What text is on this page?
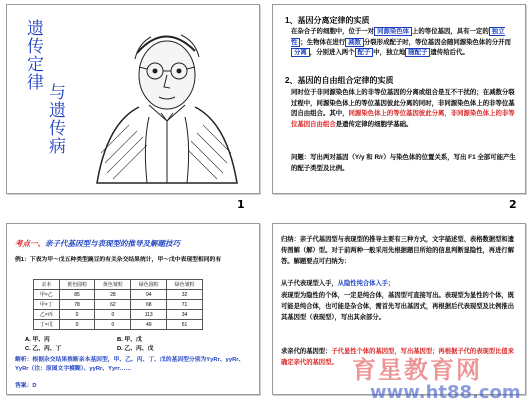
遗传定律
与遗传病
1
1、基因分离定律的实质
在杂合子的细胞中，位于一对 同源染色体 上的等位基因，具有一定的 独立性 ；生物体在进行 减数 分裂形成配子时，等位基因会随同源染色体的分开而分离 ，分别进入两个 配子 中，独立地 随配子 遗传给后代。
2、基因的自由组合定律的实质
同时位于非同源染色体上的非等位基因的分离或组合是互不干扰的；在减数分裂过程中，同源染色体上的等位基因彼此分离的同时，非同源染色体上的非等位基因自由组合。其中，同源染色体上的等位基因彼此分离，非同源染色体上的非等位基因自由组合是遗传定律的细胞学基础。
问题：写出两对基因（Y/y 和 R/r）与染色体的位置关系，写出 F1 全部可能产生的配子类型及比例。
2
考点一、亲子代基因型与表现型的推导及解题技巧
例1：下表为甲～戊五种类型豌豆的有关杂交结果统计，甲～戊中表现型相同的有
亲本	黄色圆粒	黄色皱粒	绿色圆粒	绿色皱粒
甲×乙	85	28	94	32
甲×丁	78	62	68	71
乙×丙	0	0	113	34
丁×戊	0	0	49	51
A. 甲、丙	B. 甲、戊
C. 乙、丙、丁	D. 乙、丙、戊
解析：根据杂交结果推断亲本基因型，甲、乙、丙、丁、戊的基因型分别为YyRr、yyRr、YyRr（注：原图文字模糊）、yyRr、Yyrr……
答案：D
归纳：亲子代基因型与表现型的推导主要有三种方式，文字描述型、表格数据型和遗传图解（解）型。对于前两种一般采用先根据题目所给的信息判断显隐性，再进行解答。解题要点可归纳为：
从子代表现型入手，从隐性纯合体入手；
表现型为隐性的个体，一定是纯合体，基因型可直接写出。表现型为显性的个体，既可能是纯合体，也可能是杂合体，需首先写出基因式，再根据后代表现型及比例推出其基因型（表现型），写出其余部分。
求亲代的基因型：子代显性个体的基因型，写出基因型；再根据子代的表现型比值来确定亲代的基因型。 育星教育网
www.ht88.com
